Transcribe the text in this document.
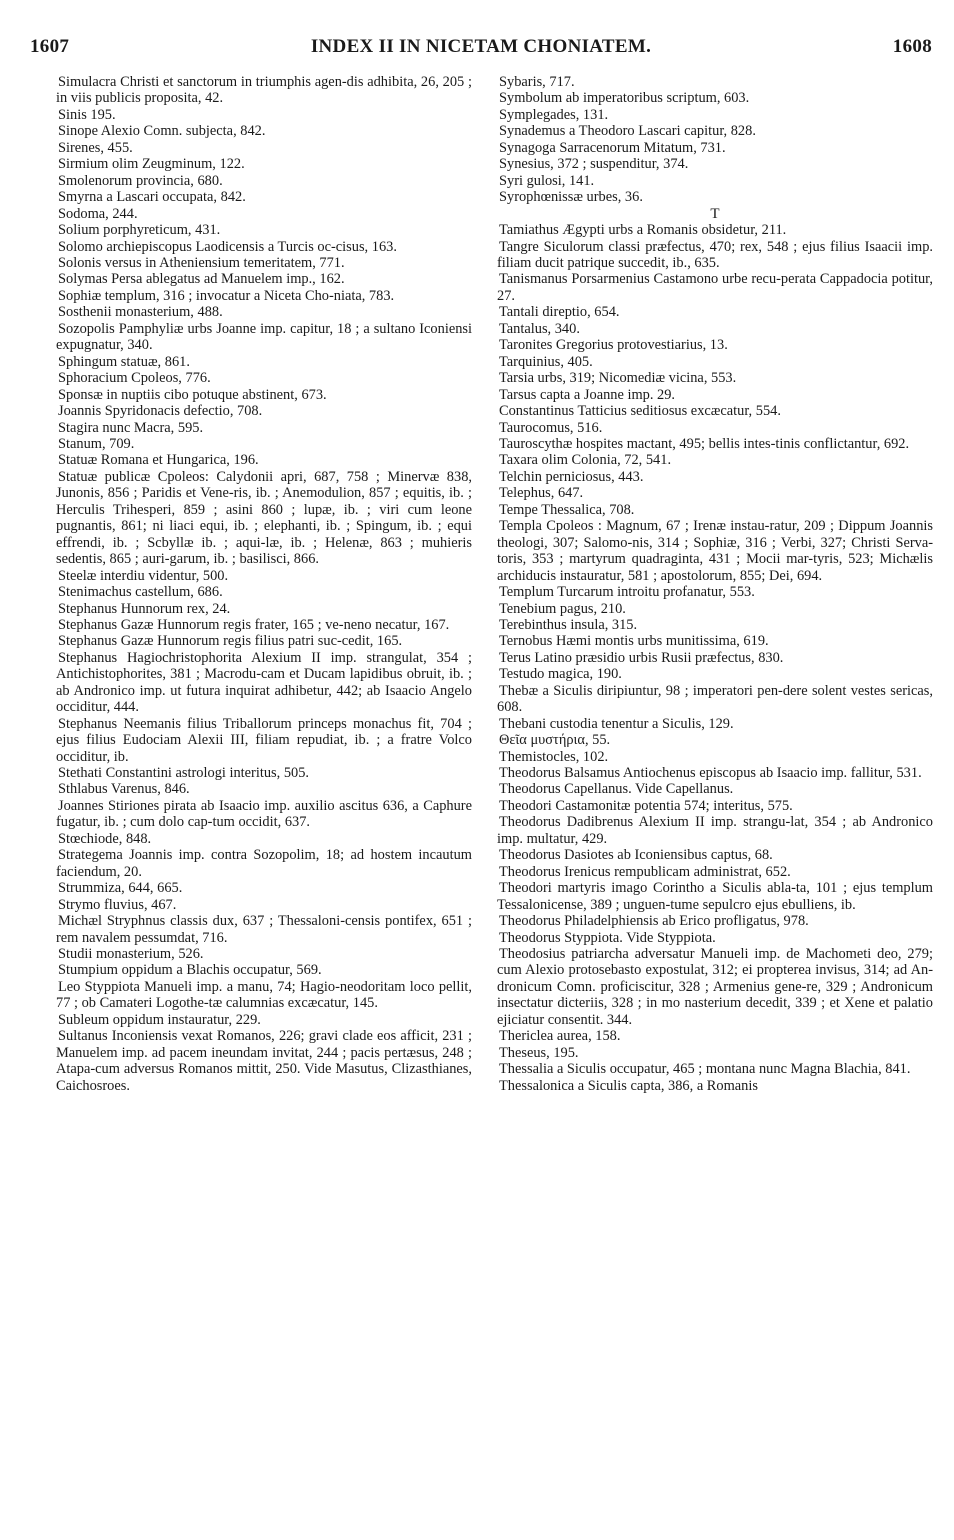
1607	INDEX II IN NICETAM CHONIATEM.	1608

Simulacra Christi et sanctorum in triumphis agen-dis adhibita, 26, 205 ; in viis publicis proposita, 42.

Sinis 195.

Sinope Alexio Comn. subjecta, 842.

Sirenes, 455.

Sirmium olim Zeugminum, 122.

Smolenorum provincia, 680.

Smyrna a Lascari occupata, 842.

Sodoma, 244.

Solium porphyreticum, 431.

Solomo archiepiscopus Laodicensis a Turcis oc-cisus, 163.

Solonis versus in Atheniensium temeritatem, 771.

Solymas Persa ablegatus ad Manuelem imp., 162.

Sophiæ templum, 316 ; invocatur a Niceta Cho-niata, 783.

Sosthenii monasterium, 488.

Sozopolis Pamphyliæ urbs Joanne imp. capitur, 18 ; a sultano Iconiensi expugnatur, 340.

Sphingum statuæ, 861.

Sphoracium Cpoleos, 776.

Sponsæ in nuptiis cibo potuque abstinent, 673.

Joannis Spyridonacis defectio, 708.

Stagira nunc Macra, 595.

Stanum, 709.

Statuæ Romana et Hungarica, 196.

Statuæ publicæ Cpoleos: Calydonii apri, 687, 758 ; Minervæ 838, Junonis, 856 ; Paridis et Vene-ris, ib. ; Anemodulion, 857 ; equitis, ib. ; Herculis Trihesperi, 859 ; asini 860 ; lupæ, ib. ; viri cum leone pugnantis, 861; ni liaci equi, ib. ; elephanti, ib. ; Spingum, ib. ; equi effrendi, ib. ; Scbyllæ ib. ; aqui-læ, ib. ; Helenæ, 863 ; muhieris sedentis, 865 ; auri-garum, ib. ; basilisci, 866.

Steelæ interdiu videntur, 500.

Stenimachus castellum, 686.

Stephanus Hunnorum rex, 24.

Stephanus Gazæ Hunnorum regis frater, 165 ; ve-neno necatur, 167.

Stephanus Gazæ Hunnorum regis filius patri suc-cedit, 165.

Stephanus Hagiochristophorita Alexium II imp. strangulat, 354 ; Antichistophorites, 381 ; Macrodu-cam et Ducam lapidibus obruit, ib. ; ab Andronico imp. ut futura inquirat adhibetur, 442; ab Isaacio Angelo occiditur, 444.

Stephanus Neemanis filius Triballorum princeps monachus fit, 704 ; ejus filius Eudociam Alexii III, filiam repudiat, ib. ; a fratre Volco occiditur, ib.

Stethati Constantini astrologi interitus, 505.

Sthlabus Varenus, 846.

Joannes Stiriones pirata ab Isaacio imp. auxilio ascitus 636, a Caphure fugatur, ib. ; cum dolo cap-tum occidit, 637.

Stœchiode, 848.

Strategema Joannis imp. contra Sozopolim, 18; ad hostem incautum faciendum, 20.

Strummiza, 644, 665.

Strymo fluvius, 467.

Michæl Stryphnus classis dux, 637 ; Thessaloni-censis pontifex, 651 ; rem navalem pessumdat, 716.

Studii monasterium, 526.

Stumpium oppidum a Blachis occupatur, 569.

Leo Styppiota Manueli imp. a manu, 74; Hagio-neodoritam loco pellit, 77 ; ob Camateri Logothe-tæ calumnias excæcatur, 145.

Subleum oppidum instauratur, 229.

Sultanus Inconiensis vexat Romanos, 226; gravi clade eos afficit, 231 ; Manuelem imp. ad pacem ineundam invitat, 244 ; pacis pertæsus, 248 ; Atapa-cum adversus Romanos mittit, 250. Vide Masutus, Clizasthianes, Caichosroes.

Sybaris, 717.

Symbolum ab imperatoribus scriptum, 603.

Symplegades, 131.

Synademus a Theodoro Lascari capitur, 828.

Synagoga Sarracenorum Mitatum, 731.

Synesius, 372 ; suspenditur, 374.

Syri gulosi, 141.

Syrophœnissæ urbes, 36.

T

Tamiathus Ægypti urbs a Romanis obsidetur, 211.

Tangre Siculorum classi præfectus, 470; rex, 548 ; ejus filius Isaacii imp. filiam ducit patrique succedit, ib., 635.

Tanismanus Porsarmenius Castamono urbe recu-perata Cappadocia potitur, 27.

Tantali direptio, 654.

Tantalus, 340.

Taronites Gregorius protovestiarius, 13.

Tarquinius, 405.

Tarsia urbs, 319; Nicomediæ vicina, 553.

Tarsus capta a Joanne imp. 29.

Constantinus Tatticius seditiosus excæcatur, 554.

Taurocomus, 516.

Tauroscythæ hospites mactant, 495; bellis intes-tinis conflictantur, 692.

Taxara olim Colonia, 72, 541.

Telchin perniciosus, 443.

Telephus, 647.

Tempe Thessalica, 708.

Templa Cpoleos : Magnum, 67 ; Irenæ instau-ratur, 209 ; Dippum Joannis theologi, 307; Salomo-nis, 314 ; Sophiæ, 316 ; Verbi, 327; Christi Serva-toris, 353 ; martyrum quadraginta, 431 ; Mocii mar-tyris, 523; Michælis archiducis instauratur, 581 ; apostolorum, 855; Dei, 694.

Templum Turcarum introitu profanatur, 553.

Tenebium pagus, 210.

Terebinthus insula, 315.

Ternobus Hæmi montis urbs munitissima, 619.

Terus Latino præsidio urbis Rusii præfectus, 830.

Testudo magica, 190.

Thebæ a Siculis diripiuntur, 98 ; imperatori pen-dere solent vestes sericas, 608.

Thebani custodia tenentur a Siculis, 129.

Θεῖα μυστήρια, 55.

Themistocles, 102.

Theodorus Balsamus Antiochenus episcopus ab Isaacio imp. fallitur, 531.

Theodorus Capellanus. Vide Capellanus.

Theodori Castamonitæ potentia 574; interitus, 575.

Theodorus Dadibrenus Alexium II imp. strangu-lat, 354 ; ab Andronico imp. multatur, 429.

Theodorus Dasiotes ab Iconiensibus captus, 68.

Theodorus Irenicus rempublicam administrat, 652.

Theodori martyris imago Corintho a Siculis abla-ta, 101 ; ejus templum Tessalonicense, 389 ; unguen-tume sepulcro ejus ebulliens, ib.

Theodorus Philadelphiensis ab Erico profligatus, 978.

Theodorus Styppiota. Vide Styppiota.

Theodosius patriarcha adversatur Manueli imp. de Machometi deo, 279; cum Alexio protosebasto expostulat, 312; ei propterea invisus, 314; ad An-dronicum Comn. proficiscitur, 328 ; Armenius gene-re, 329 ; Andronicum insectatur dicteriis, 328 ; in mo nasterium decedit, 339 ; et Xene et palatio ejiciatur consentit. 344.

Thericlea aurea, 158.

Theseus, 195.

Thessalia a Siculis occupatur, 465 ; montana nunc Magna Blachia, 841.

Thessalonica a Siculis capta, 386, a Romanis
